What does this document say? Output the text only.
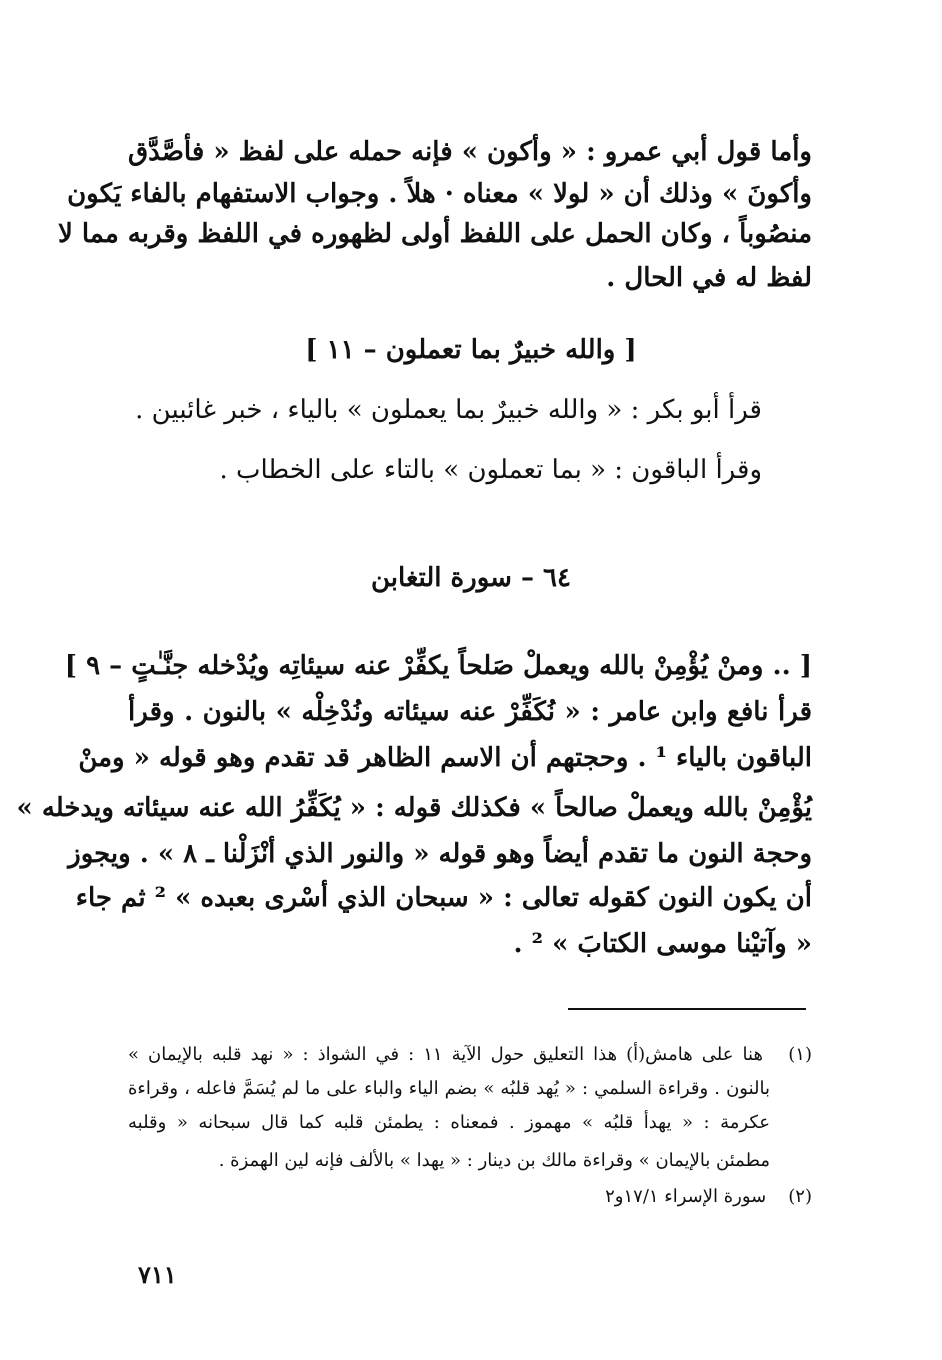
وأما قول أبي عمرو : « وأكون » فإنه حمله على لفظ « فأصَّدَّق
وأكونَ » وذلك أن « لولا » معناه · هلاً . وجواب الاستفهام بالفاء يَكون
منصُوباً ، وكان الحمل على اللفظ أولى لظهوره في اللفظ وقربه مما لا
لفظ له في الحال .
[ والله خبيرٌ بما تعملون – ١١ ]
قرأ أبو بكر : « والله خبيرٌ بما يعملون » بالياء ، خبر غائبين .
وقرأ الباقون : « بما تعملون » بالتاء على الخطاب .
٦٤ – سورة التغابن
[ .. ومنْ يُؤْمِنْ بالله ويعملْ صَلحاً يكفِّرْ عنه سيئاتِه ويُدْخله جنَّـٰتٍ – ٩ ]
قرأ نافع وابن عامر : « نُكَفِّرْ عنه سيئاته ونُدْخِلْه » بالنون . وقرأ
الباقون بالياء ¹ . وحجتهم أن الاسم الظاهر قد تقدم وهو قوله « ومنْ
يُؤْمِنْ بالله ويعملْ صالحاً » فكذلك قوله : « يُكَفِّرُ الله عنه سيئاته ويدخله »
وحجة النون ما تقدم أيضاً وهو قوله « والنور الذي أنْزَلْنا ـ ٨ » . ويجوز
أن يكون النون كقوله تعالى : « سبحان الذي أسْرى بعبده » ² ثم جاء
« وآتيْنا موسى الكتابَ » ² .
(١) هنا على هامش(أ) هذا التعليق حول الآية ١١ : في الشواذ : « نهد قلبه بالإيمان »
بالنون . وقراءة السلمي : « يُهد قلبُه » بضم الياء والباء على ما لم يُسَمَّ فاعله ، وقراءة
عكرمة : « يهدأ قلبُه » مهموز . فمعناه : يطمئن قلبه كما قال سبحانه « وقلبه
مطمئن بالإيمان » وقراءة مالك بن دينار : « يهدا » بالألف فإنه لين الهمزة .
(٢) سورة الإسراء ١٧/١و٢
٧١١
